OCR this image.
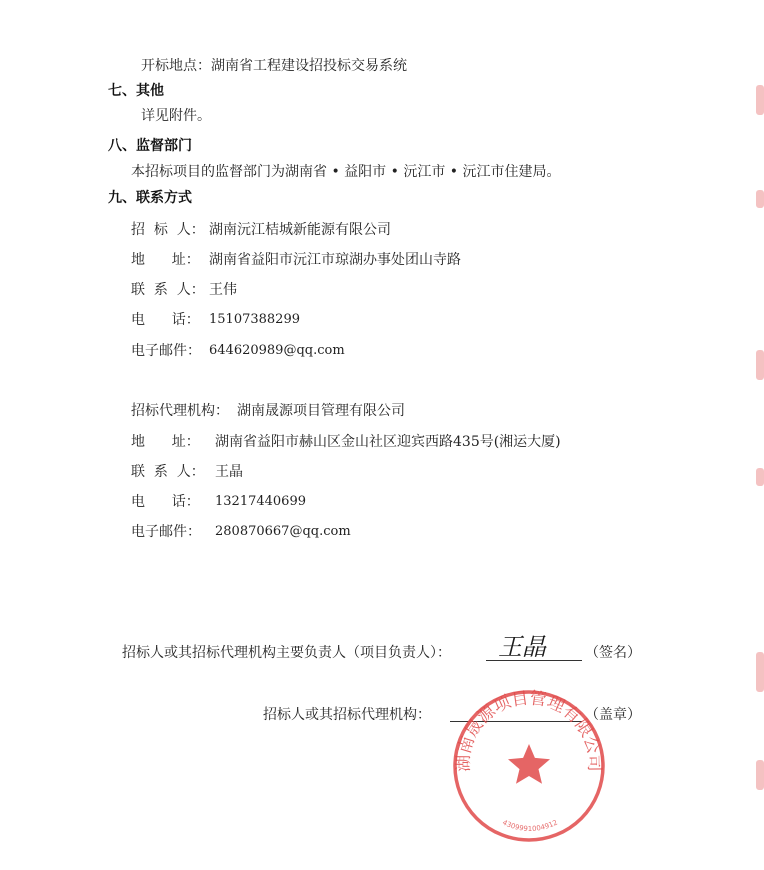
开标地点：湖南省工程建设招投标交易系统
七、其他
详见附件。
八、监督部门
本招标项目的监督部门为湖南省 • 益阳市 • 沅江市 • 沅江市住建局。
九、联系方式
招  标  人： 湖南沅江桔城新能源有限公司
地      址： 湖南省益阳市沅江市琼湖办事处团山寺路
联  系  人： 王伟
电      话： 15107388299
电子邮件： 644620989@qq.com
招标代理机构： 湖南晟源项目管理有限公司
地      址： 湖南省益阳市赫山区金山社区迎宾西路435号(湘运大厦)
联  系  人： 王晶
电      话： 13217440699
电子邮件： 280870667@qq.com
招标人或其招标代理机构主要负责人（项目负责人）： 王晶	（签名）
招标人或其招标代理机构：	（盖章）
湖南晟源项目管理有限公司
4309991004912
